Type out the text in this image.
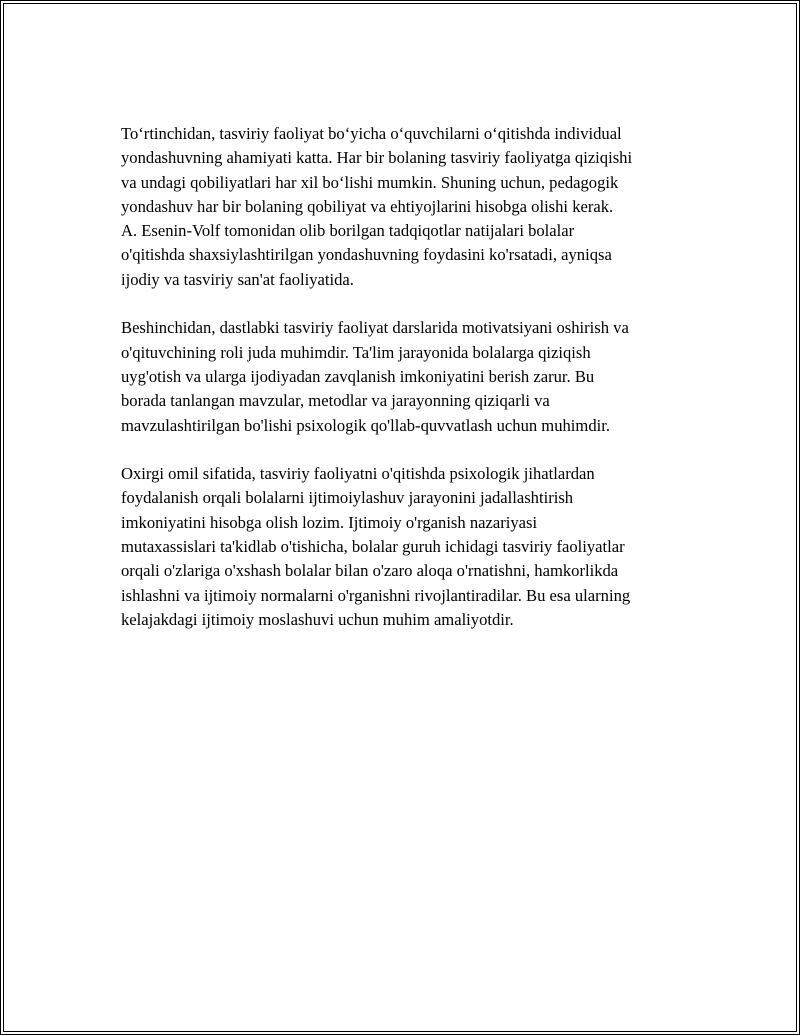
To‘rtinchidan, tasviriy faoliyat bo‘yicha o‘quvchilarni o‘qitishda individual
yondashuvning ahamiyati katta. Har bir bolaning tasviriy faoliyatga qiziqishi
va undagi qobiliyatlari har xil bo‘lishi mumkin. Shuning uchun, pedagogik
yondashuv har bir bolaning qobiliyat va ehtiyojlarini hisobga olishi kerak.
A. Esenin-Volf tomonidan olib borilgan tadqiqotlar natijalari bolalar
o'qitishda shaxsiylashtirilgan yondashuvning foydasini ko'rsatadi, ayniqsa
ijodiy va tasviriy san'at faoliyatida.

Beshinchidan, dastlabki tasviriy faoliyat darslarida motivatsiyani oshirish va
o'qituvchining roli juda muhimdir. Ta'lim jarayonida bolalarga qiziqish
uyg'otish va ularga ijodiyadan zavqlanish imkoniyatini berish zarur. Bu
borada tanlangan mavzular, metodlar va jarayonning qiziqarli va
mavzulashtirilgan bo'lishi psixologik qo'llab-quvvatlash uchun muhimdir.

Oxirgi omil sifatida, tasviriy faoliyatni o'qitishda psixologik jihatlardan
foydalanish orqali bolalarni ijtimoiylashuv jarayonini jadallashtirish
imkoniyatini hisobga olish lozim. Ijtimoiy o'rganish nazariyasi
mutaxassislari ta'kidlab o'tishicha, bolalar guruh ichidagi tasviriy faoliyatlar
orqali o'zlariga o'xshash bolalar bilan o'zaro aloqa o'rnatishni, hamkorlikda
ishlashni va ijtimoiy normalarni o'rganishni rivojlantiradilar. Bu esa ularning
kelajakdagi ijtimoiy moslashuvi uchun muhim amaliyotdir.
